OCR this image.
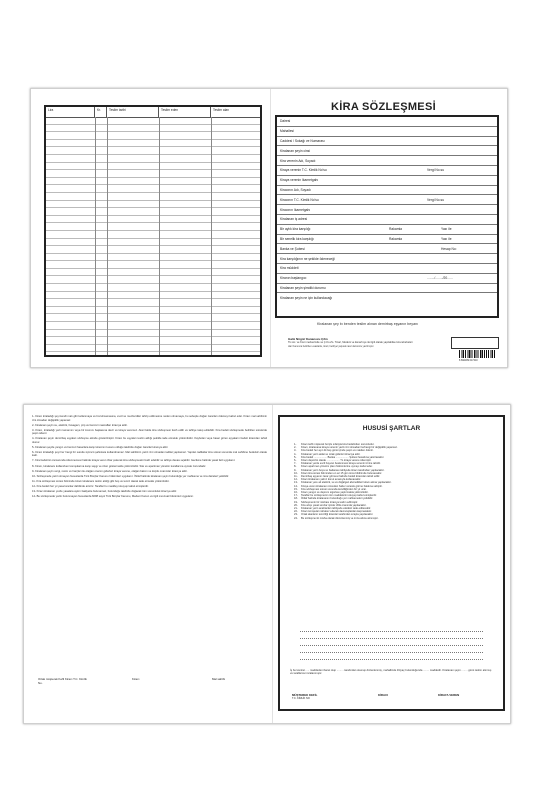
Lira	Kr.	Teslim tarihi	Teslim eden	Teslim alan	KİRA SÖZLEŞMESİ
Dairesi
Mahallesi
Caddesi / Sokağı ve Numarası
Kiralanan şeyin cinsi
Kira verenin Adı, Soyadı
Kiraya verenin T.C. Kimlik No'su	Vergi No.su
Kiraya verenin İkametgahı
Kiracının Adı, Soyadı
Kiracının T.C. Kimlik No'su	Vergi No.su
Kiracının İkametgahı
Kiralanan iş adresi
Bir aylık kira karşılığı	Rakamla	Yazı ile
Bir senelik kira karşılığı	Rakamla	Yazı ile
Banka ve Şubesi	Hesap No:
Kira karşılığının ne şekilde ödeneceği
Kira müddeti
Kiranın başlangıcı	......../......../20......
Kiralanan şeyin şimdiki durumu
Kiralanan şeyin ne için kullanılacağı
Kiralanan şey bı benden teslim alınan demirbaş eşyanın beyanı
Galiz Nirgiz/ Kananozu Ç2m
Tic.sic. ve Kont merkezinde ve Ç.Ko.Zo. Ticari, Medeni ve Esnaf üye ile ilgili olarak yapılabilse kira iebeheleri
dan Kanunca belirtilen esaslarla, ticari, beldiyel yapısal nasıl damsüze yazılmıştır.
8 692189 017410

1- Kiracı kiraladığı şeyi kendi malı gibi kullanmaya ve bozulmamasına, evcil ve mecburdiler tahrip edilmesine neden olmamaya, bu sebeple doğan zararları ödemeyi kabul eder. Kiracı mal sahibinin izni olmadan değişiklik yapamaz.

2- Kiralanan şeyin su, elektrik, havagazı, çöp ve benzeri masrafları kiracıya aittir.

3- Kiracı, kiraladığı yerin tamamını veya bir kısmını başkasına devir ve kiraya veremez. Aksi halde kira sözleşmesi fesih edilir ve tahliye talep edilebilir. Kira bedeli sözleşmede belirtilen sürelerde peşin ödenir.

4- Kiralanan şeyin demirbaş eşyaları sözleşme ekinde gösterilmiştir. Kiracı bu eşyaları teslim aldığı şekilde iade etmekle yükümlüdür. Kaybolan veya hasar gören eşyaların bedeli kiracıdan tahsil olunur.

5- Kiralanan şeyde yangın ve benzeri hasarlara karşı kiracının kusuru olduğu takdirde doğan zararlar kiracıya aittir.

6- Kiracı kiraladığı şeyi her hangi bir suretle üçüncü şahıslara kullandıramaz. Mal sahibinin yazılı izni olmadan tadilat yapılamaz. Yapılan tadilatlar kira süresi sonunda mal sahibine bedelsiz olarak kalır.

7- Kira bedelinin zamanında ödenmemesi halinde kiraya veren ihtar çekerek kira sözleşmesini fesih edebilir ve tahliye davası açabilir. Gecikme halinde yasal faiz uygulanır.

8- Kiracı, kiralananı kullanırken komşularına karşı saygı ve özen göstermekle yükümlüdür. Site ve apartman yönetim kurallarına uymak zorundadır.

9- Kiralanan şeyin vergi, resim ve harçları ile olağan onarım giderleri kiraya verene, olağan bakım ve küçük onarımlar kiracıya aittir.

10- Sözleşmede yazılı olmayan hususlarda Türk Borçlar Kanunu hükümleri uygulanır. İhtilaf halinde kiralanan şeyin bulunduğu yer mahkeme ve icra daireleri yetkilidir.

11- Kira sözleşmesi süresi bitiminde kiracı kiralananı teslim aldığı gibi boş ve temiz olarak iade etmekle yükümlüdür.

12- Kira bedeli her yıl yasal oranlar dahilinde artırılır. Taraflar bu maddeyi okuyup kabul etmişlerdir.

13- Kiracı kiralanan yerde yasalara aykırı faaliyette bulunamaz, bulunduğu takdirde doğacak tüm sorumluluk kiracıya aittir.

14- Bu sözleşmede yazılı bulunmayan hususlarda 6098 sayılı Türk Borçlar Kanunu, Medeni Kanun ve ilgili mevzuat hükümleri uygulanır.

Ortak müşterek Kefil Kiracı T.C. Kimlik No.
Kiracı	Mal sahibi
HUSUSİ ŞARTLAR
1-	Kiracı kefil müşterek borçlu sıfatıyla kira bedelinden sorumludur.
2-	Kiracı, kiralanana kiraya verenin yazılı izni olmadan herhangi bir değişiklik yapamaz.
3-	Kira bedeli her ayın ilk beş günü içinde peşin ve nakden ödenir.
4-	Kiralanan yerin aidat ve ortak giderleri kiracıya aittir.
5-	Kira bedeli .................. Banka .................. Şubesi hesabına yatırılacaktır.
6-	Kiracı depozito olarak .................. TL kiraya verene ödemiştir.
7-	Kiralanan yerde evcil hayvan beslenmesi kiraya verenin iznine tabidir.
8-	Kiracı apartman yönetim planı hükümlerine uymayı kabul eder.
9-	Kiralanan yerin boya ve badanası tahliyede kiracı tarafından yapılacaktır.
10-	Kiracı kira süresi bitiminden en az 15 gün önce bildirimde bulunacaktır.
11-	Demirbaş eşyanın zarar görmesi halinde bedeli kiracıdan tahsil edilir.
12-	Kiracı kiralananı yalnız konut amacıyla kullanacaktır.
13-	Kiralanan yere ait elektrik, su ve doğalgaz abonelikleri kiracı adına yapılacaktır.
14-	Kiraya veren kiralananı önceden haber vererek görme hakkına sahiptir.
15-	Kira sözleşmesi süresi sonunda kendiliğinden bir yıl uzar.
16-	Kiracı yangın ve deprem sigortası yaptırmakla yükümlüdür.
17-	Taraflar bu sözleşmenin tüm maddelerini okuyup kabul etmişlerdir.
18-	İhtilaf halinde kiralananın bulunduğu yer mahkemeleri yetkilidir.
19-	Sözleşmenin bir nüshası kiracıya teslim edilmiştir.
20-	Kira artışı yasal sınırlar içinde ÜFE oranında yapılacaktır.
21-	Kiralanan yerin anahtarları tahliyede eksiksiz iade edilecektir.
22-	Kiracı komşuları rahatsız edecek davranışlardan kaçınacaktır.
23-	Ortak alanların temizliği kiracılar tarafından sırayla yapılacaktır.
24-	Bu sözleşme iki nüsha olarak düzenlenmiş ve imza altına alınmıştır.
İş bu kontrat ..... maddeden ibaret olup ......... tarafından okunup düzenlenmiş, mahallinde ihtiyaç bulunduğunda ........ maddedir. Kiralanan şeyin ........ günü teslim alınmış ve taraflarca imzalanmıştır.
MÜŞTEREK KEFİL
T.C. KİMLİK NO
KİRACI	KİRAYA VEREN
